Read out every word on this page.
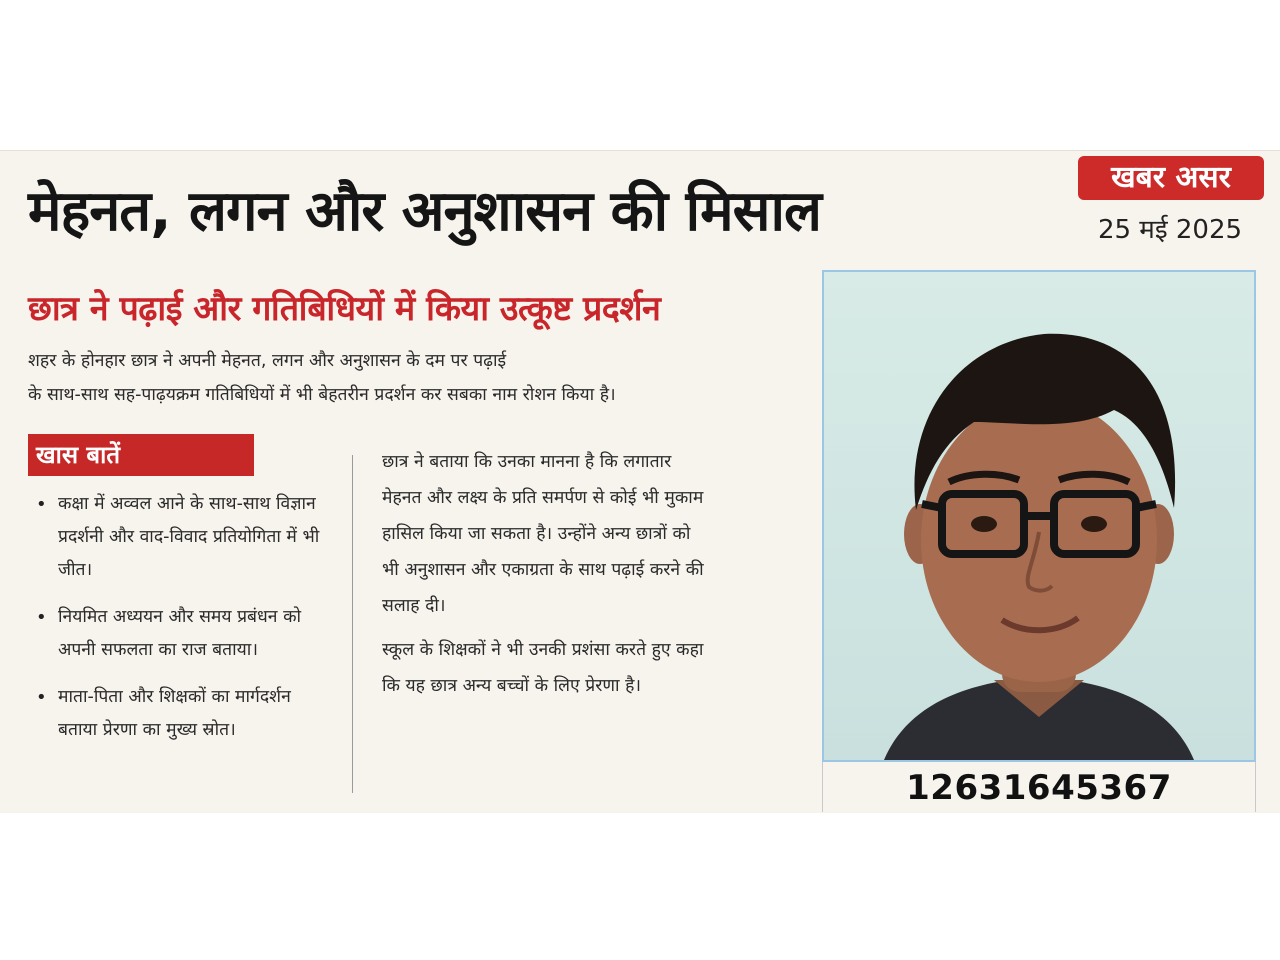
मेहनत, लगन और अनुशासन की मिसाल
खबर असर
25 मई 2025
छात्र ने पढ़ाई और गतिबिधियों में किया उत्कूष्ट प्रदर्शन
शहर के होनहार छात्र ने अपनी मेहनत, लगन और अनुशासन के दम पर पढ़ाई
के साथ-साथ सह-पाढ़यक्रम गतिबिधियों में भी बेहतरीन प्रदर्शन कर सबका नाम रोशन किया है।
खास बातें
• कक्षा में अव्वल आने के साथ-साथ विज्ञान प्रदर्शनी और वाद-विवाद प्रतियोगिता में भी जीत।
• नियमित अध्ययन और समय प्रबंधन को अपनी सफलता का राज बताया।
• माता-पिता और शिक्षकों का मार्गदर्शन बताया प्रेरणा का मुख्य स्रोत।

छात्र ने बताया कि उनका मानना है कि लगातार मेहनत और लक्ष्य के प्रति समर्पण से कोई भी मुकाम हासिल किया जा सकता है। उन्होंने अन्य छात्रों को भी अनुशासन और एकाग्रता के साथ पढ़ाई करने की सलाह दी।

स्कूल के शिक्षकों ने भी उनकी प्रशंसा करते हुए कहा कि यह छात्र अन्य बच्चों के लिए प्रेरणा है।

12631645367
